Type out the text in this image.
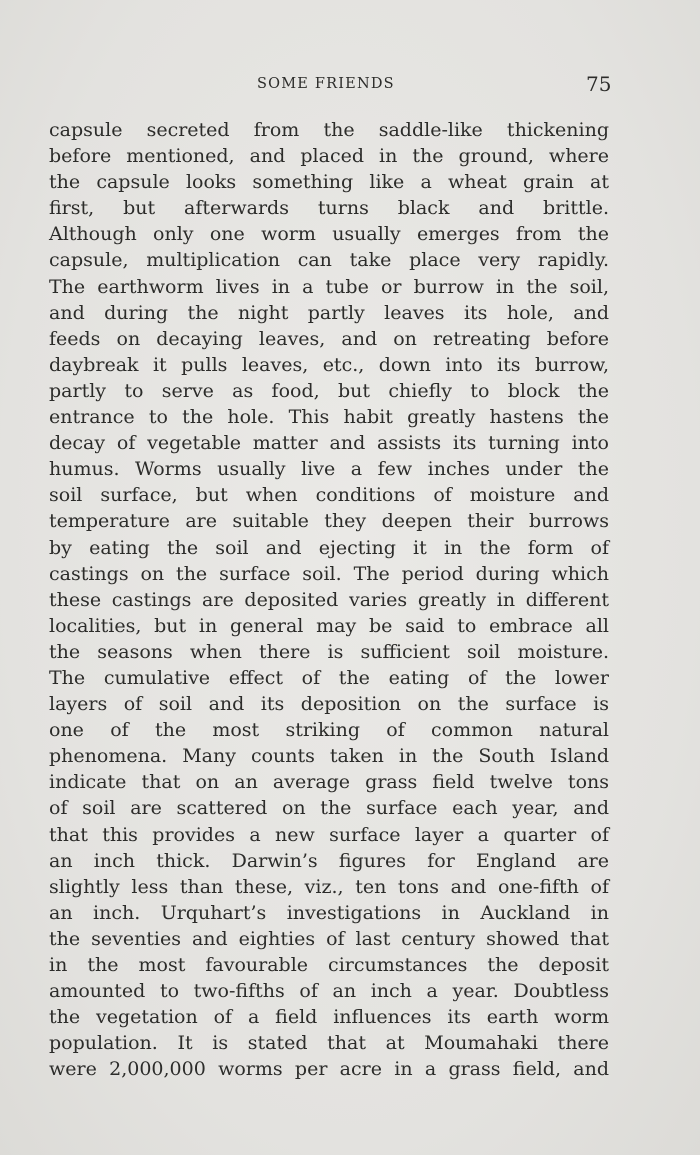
SOME FRIENDS	75
capsule secreted from the saddle-like thickening
before mentioned, and placed in the ground, where
the capsule looks something like a wheat grain at
first, but afterwards turns black and brittle.
Although only one worm usually emerges from the
capsule, multiplication can take place very rapidly.
The earthworm lives in a tube or burrow in the soil,
and during the night partly leaves its hole, and
feeds on decaying leaves, and on retreating before
daybreak it pulls leaves, etc., down into its burrow,
partly to serve as food, but chiefly to block the
entrance to the hole. This habit greatly hastens the
decay of vegetable matter and assists its turning into
humus. Worms usually live a few inches under the
soil surface, but when conditions of moisture and
temperature are suitable they deepen their burrows
by eating the soil and ejecting it in the form of
castings on the surface soil. The period during which
these castings are deposited varies greatly in different
localities, but in general may be said to embrace all
the seasons when there is sufficient soil moisture.
The cumulative effect of the eating of the lower
layers of soil and its deposition on the surface is
one of the most striking of common natural
phenomena. Many counts taken in the South Island
indicate that on an average grass field twelve tons
of soil are scattered on the surface each year, and
that this provides a new surface layer a quarter of
an inch thick. Darwin’s figures for England are
slightly less than these, viz., ten tons and one-fifth of
an inch. Urquhart’s investigations in Auckland in
the seventies and eighties of last century showed that
in the most favourable circumstances the deposit
amounted to two-fifths of an inch a year. Doubtless
the vegetation of a field influences its earth worm
population. It is stated that at Moumahaki there
were 2,000,000 worms per acre in a grass field, and
